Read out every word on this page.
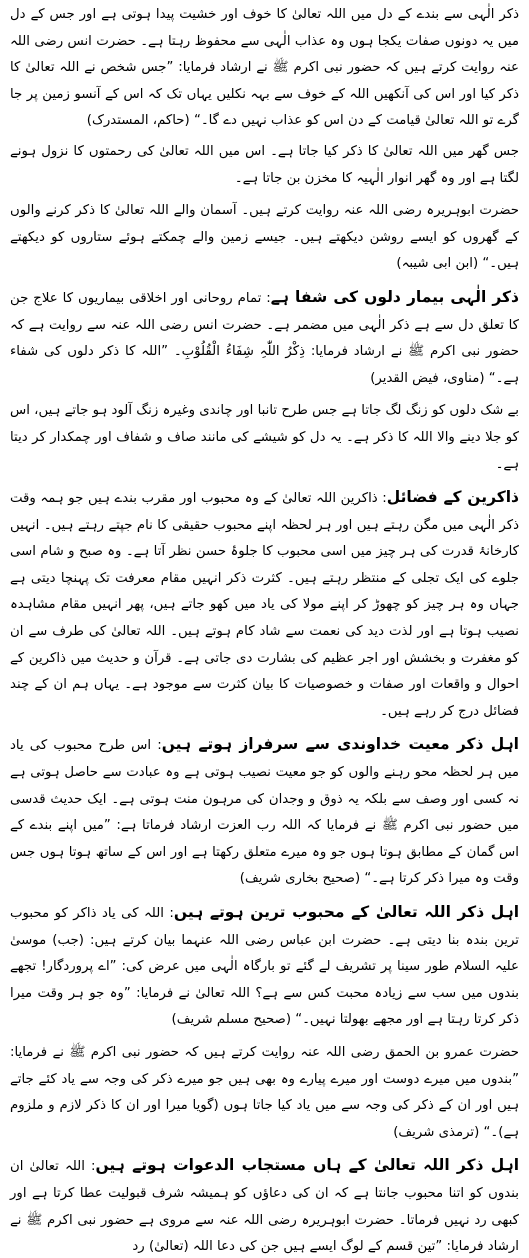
ذکر الٰہی سے بندے کے دل میں اللہ تعالیٰ کا خوف اور خشیت پیدا ہوتی ہے اور جس کے دل میں یہ دونوں صفات یکجا ہوں وہ عذاب الٰہی سے محفوظ رہتا ہے۔ حضرت انس رضی اللہ عنہ روایت کرتے ہیں کہ حضور نبی اکرم ﷺ نے ارشاد فرمایا: ”جس شخص نے اللہ تعالیٰ کا ذکر کیا اور اس کی آنکھیں اللہ کے خوف سے بہہ نکلیں یہاں تک کہ اس کے آنسو زمین پر جا گرے تو اللہ تعالیٰ قیامت کے دن اس کو عذاب نہیں دے گا۔“ (حاکم، المستدرک)

جس گھر میں اللہ تعالیٰ کا ذکر کیا جاتا ہے۔ اس میں اللہ تعالیٰ کی رحمتوں کا نزول ہونے لگتا ہے اور وہ گھر انوار الٰہیہ کا مخزن بن جاتا ہے۔

حضرت ابوہریرہ رضی اللہ عنہ روایت کرتے ہیں۔ آسمان والے اللہ تعالیٰ کا ذکر کرنے والوں کے گھروں کو ایسے روشن دیکھتے ہیں۔ جیسے زمین والے چمکتے ہوئے ستاروں کو دیکھتے ہیں۔“ (ابن ابی شیبہ)

ذکر الٰہی بیمار دلوں کی شفا ہے: تمام روحانی اور اخلاقی بیماریوں کا علاج جن کا تعلق دل سے ہے ذکر الٰہی میں مضمر ہے۔ حضرت انس رضی اللہ عنہ سے روایت ہے کہ حضور نبی اکرم ﷺ نے ارشاد فرمایا: ذِکْرُ اللّٰہِ شِفَاءُ الْقُلُوْبِ۔ ”اللہ کا ذکر دلوں کی شفاء ہے۔“ (مناوی، فیض القدیر)

بے شک دلوں کو زنگ لگ جاتا ہے جس طرح تانبا اور چاندی وغیرہ زنگ آلود ہو جاتے ہیں، اس کو جلا دینے والا اللہ کا ذکر ہے۔ یہ دل کو شیشے کی مانند صاف و شفاف اور چمکدار کر دیتا ہے۔

ذاکرین کے فضائل: ذاکرین اللہ تعالیٰ کے وہ محبوب اور مقرب بندے ہیں جو ہمہ وقت ذکر الٰہی میں مگن رہتے ہیں اور ہر لحظہ اپنے محبوب حقیقی کا نام جپتے رہتے ہیں۔ انہیں کارخانۂ قدرت کی ہر چیز میں اسی محبوب کا جلوۂ حسن نظر آتا ہے۔ وہ صبح و شام اسی جلوے کی ایک تجلی کے منتظر رہتے ہیں۔ کثرت ذکر انہیں مقام معرفت تک پہنچا دیتی ہے جہاں وہ ہر چیز کو چھوڑ کر اپنے مولا کی یاد میں کھو جاتے ہیں، پھر انہیں مقام مشاہدہ نصیب ہوتا ہے اور لذت دید کی نعمت سے شاد کام ہوتے ہیں۔ اللہ تعالیٰ کی طرف سے ان کو مغفرت و بخشش اور اجر عظیم کی بشارت دی جاتی ہے۔ قرآن و حدیث میں ذاکرین کے احوال و واقعات اور صفات و خصوصیات کا بیان کثرت سے موجود ہے۔ یہاں ہم ان کے چند فضائل درج کر رہے ہیں۔

اہل ذکر معیت خداوندی سے سرفراز ہوتے ہیں: اس طرح محبوب کی یاد میں ہر لحظہ محو رہنے والوں کو جو معیت نصیب ہوتی ہے وہ عبادت سے حاصل ہوتی ہے نہ کسی اور وصف سے بلکہ یہ ذوق و وجدان کی مرہون منت ہوتی ہے۔ ایک حدیث قدسی میں حضور نبی اکرم ﷺ نے فرمایا کہ اللہ رب العزت ارشاد فرماتا ہے: ”میں اپنے بندے کے اس گمان کے مطابق ہوتا ہوں جو وہ میرے متعلق رکھتا ہے اور اس کے ساتھ ہوتا ہوں جس وقت وہ میرا ذکر کرتا ہے۔“ (صحیح بخاری شریف)

اہل ذکر اللہ تعالیٰ کے محبوب ترین ہوتے ہیں: اللہ کی یاد ذاکر کو محبوب ترین بندہ بنا دیتی ہے۔ حضرت ابن عباس رضی اللہ عنہما بیان کرتے ہیں: (جب) موسیٰ علیہ السلام طور سینا پر تشریف لے گئے تو بارگاہ الٰہی میں عرض کی: ”اے پروردگار! تجھے بندوں میں سب سے زیادہ محبت کس سے ہے؟ اللہ تعالیٰ نے فرمایا: ”وہ جو ہر وقت میرا ذکر کرتا رہتا ہے اور مجھے بھولتا نہیں۔“ (صحیح مسلم شریف)

حضرت عمرو بن الحمق رضی اللہ عنہ روایت کرتے ہیں کہ حضور نبی اکرم ﷺ نے فرمایا: ”بندوں میں میرے دوست اور میرے پیارے وہ بھی ہیں جو میرے ذکر کی وجہ سے یاد کئے جاتے ہیں اور ان کے ذکر کی وجہ سے میں یاد کیا جاتا ہوں (گویا میرا اور ان کا ذکر لازم و ملزوم ہے)۔“ (ترمذی شریف)

اہل ذکر اللہ تعالیٰ کے ہاں مستجاب الدعوات ہوتے ہیں: اللہ تعالیٰ ان بندوں کو اتنا محبوب جانتا ہے کہ ان کی دعاؤں کو ہمیشہ شرف قبولیت عطا کرتا ہے اور کبھی رد نہیں فرماتا۔ حضرت ابوہریرہ رضی اللہ عنہ سے مروی ہے حضور نبی اکرم ﷺ نے ارشاد فرمایا: ”تین قسم کے لوگ ایسے ہیں جن کی دعا اللہ (تعالیٰ) رد
